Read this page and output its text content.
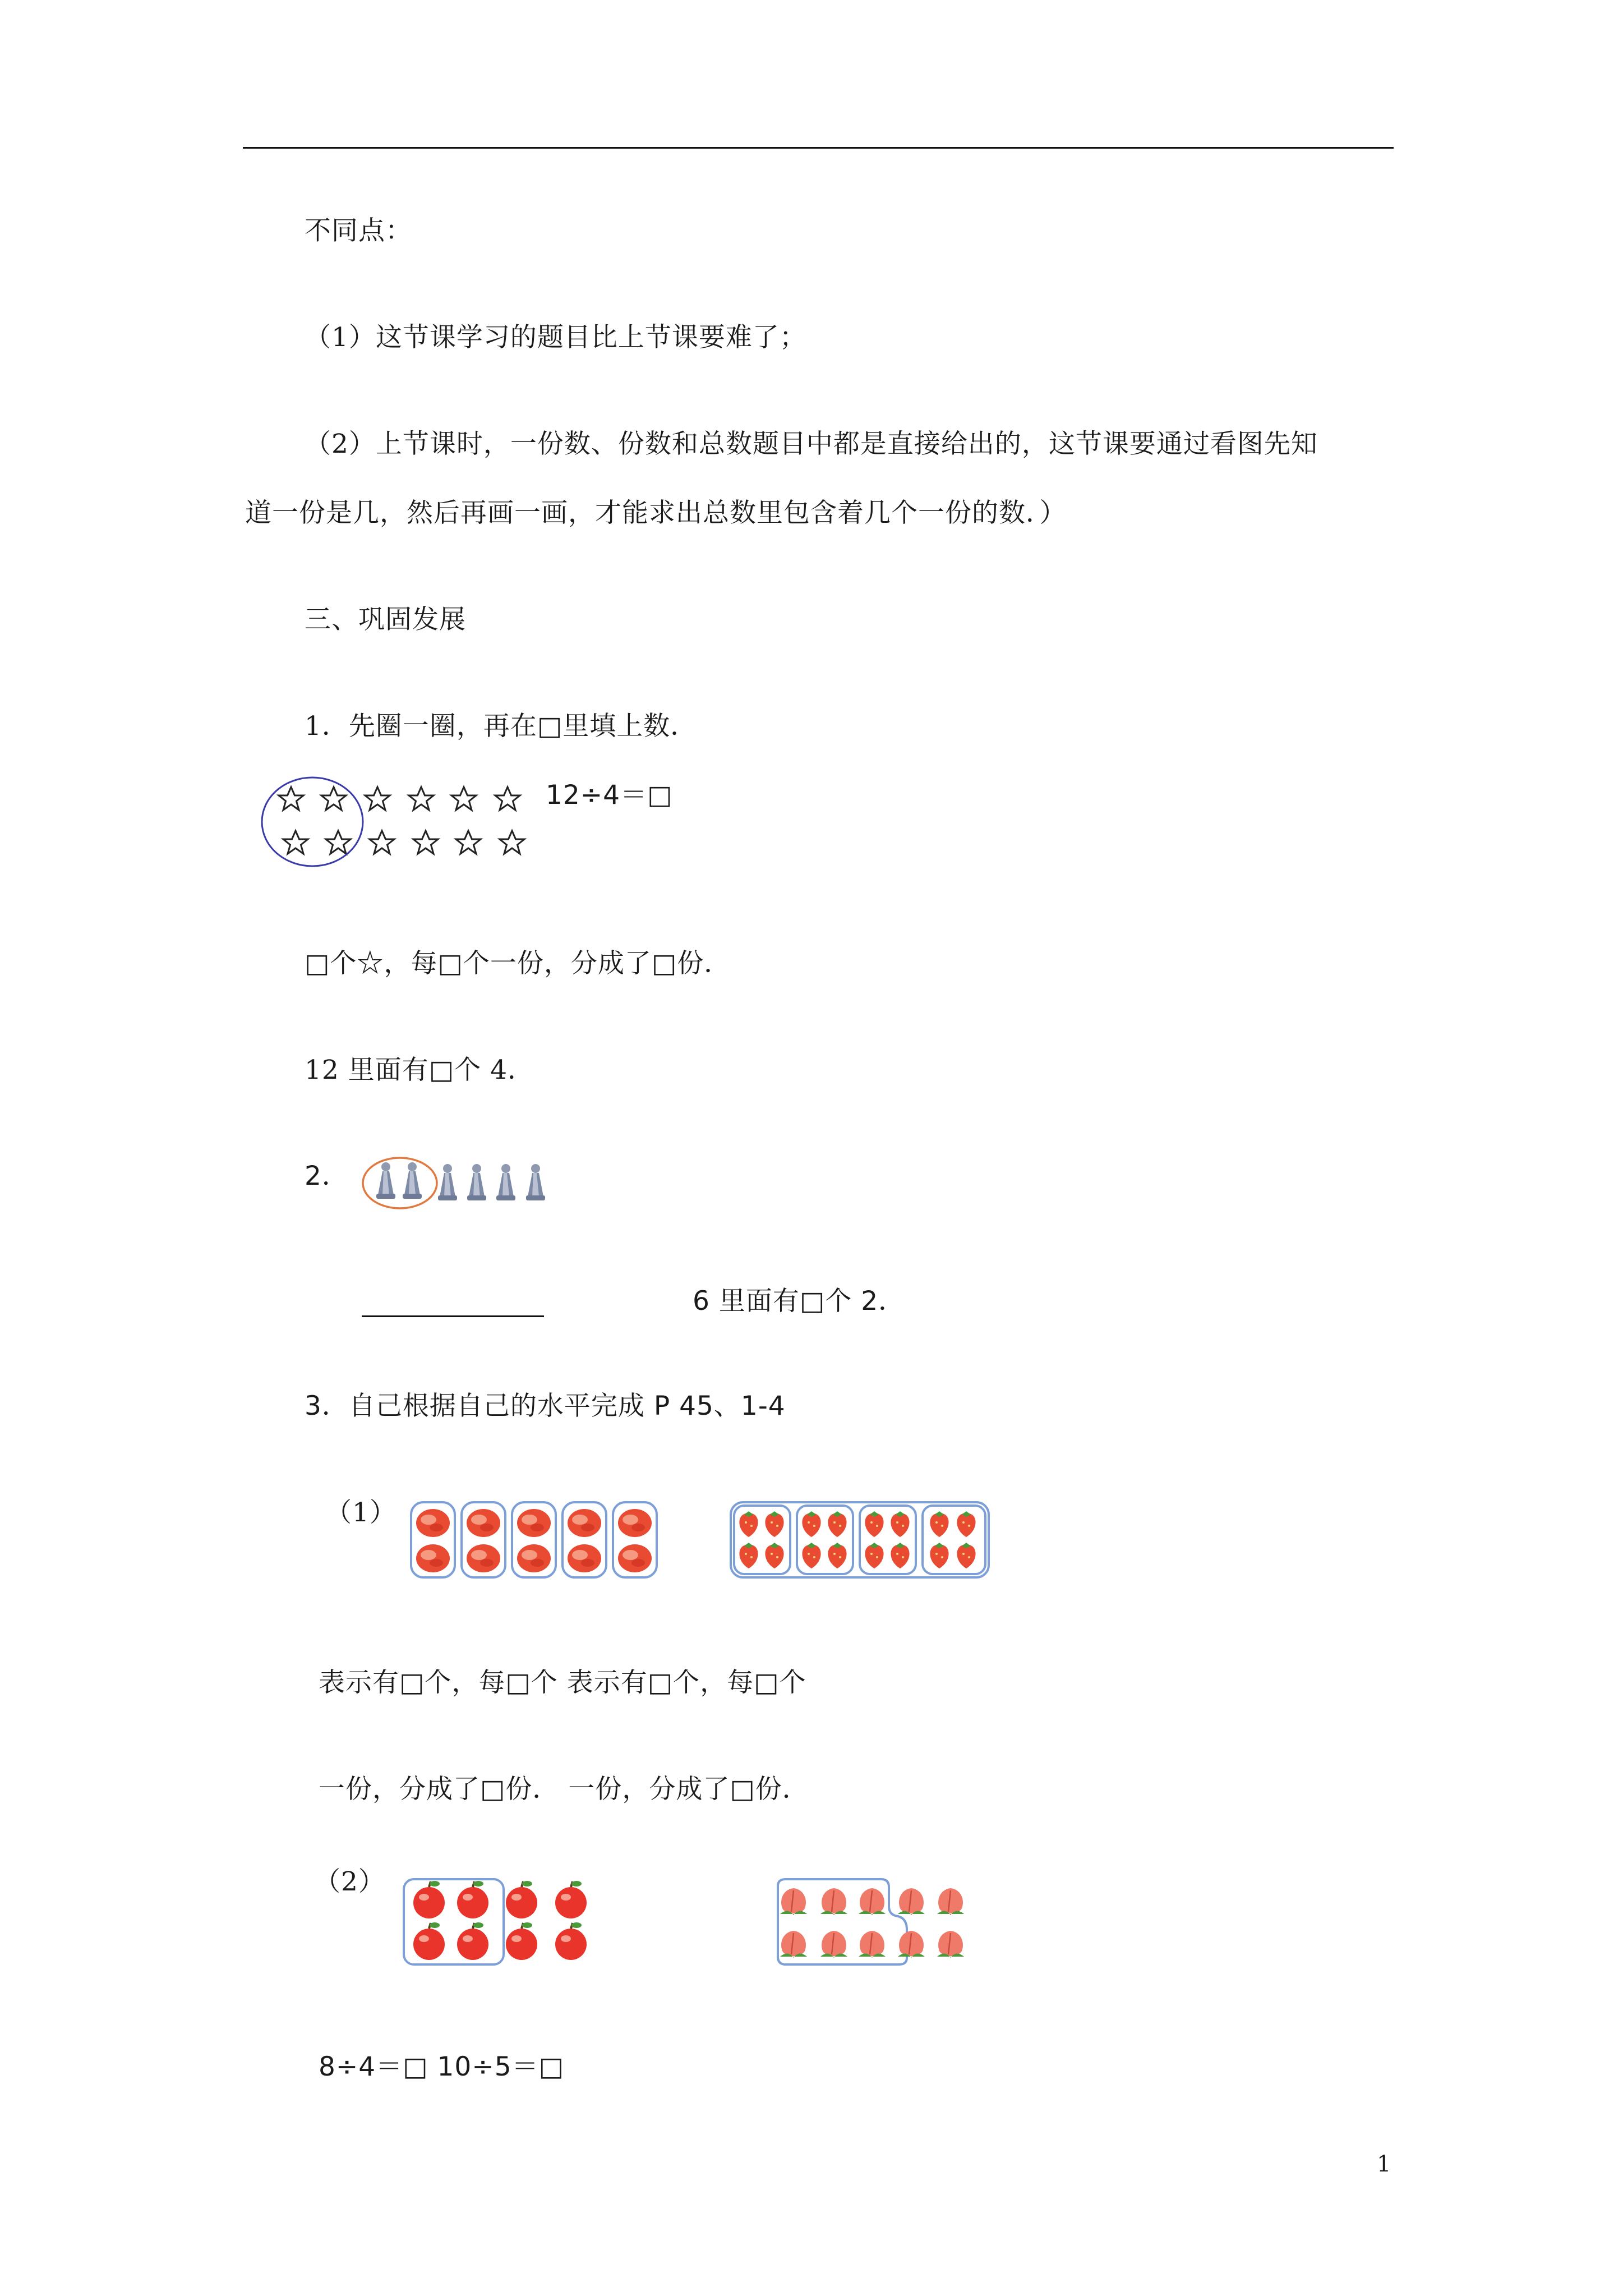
不同点：
（1）这节课学习的题目比上节课要难了；
（2）上节课时，一份数、份数和总数题目中都是直接给出的，这节课要通过看图先知
道一份是几，然后再画一画，才能求出总数里包含着几个一份的数．）
三、巩固发展
1．先圈一圈，再在□里填上数．
12÷4＝□
□个☆，每□个一份，分成了□份．
12 里面有□个 4．
2．
6 里面有□个 2．
3．自己根据自己的水平完成 P 45、1-4
（1）
表示有□个，每□个 表示有□个，每□个
一份，分成了□份． 一份，分成了□份．
（2）
8÷4＝□ 10÷5＝□
1
